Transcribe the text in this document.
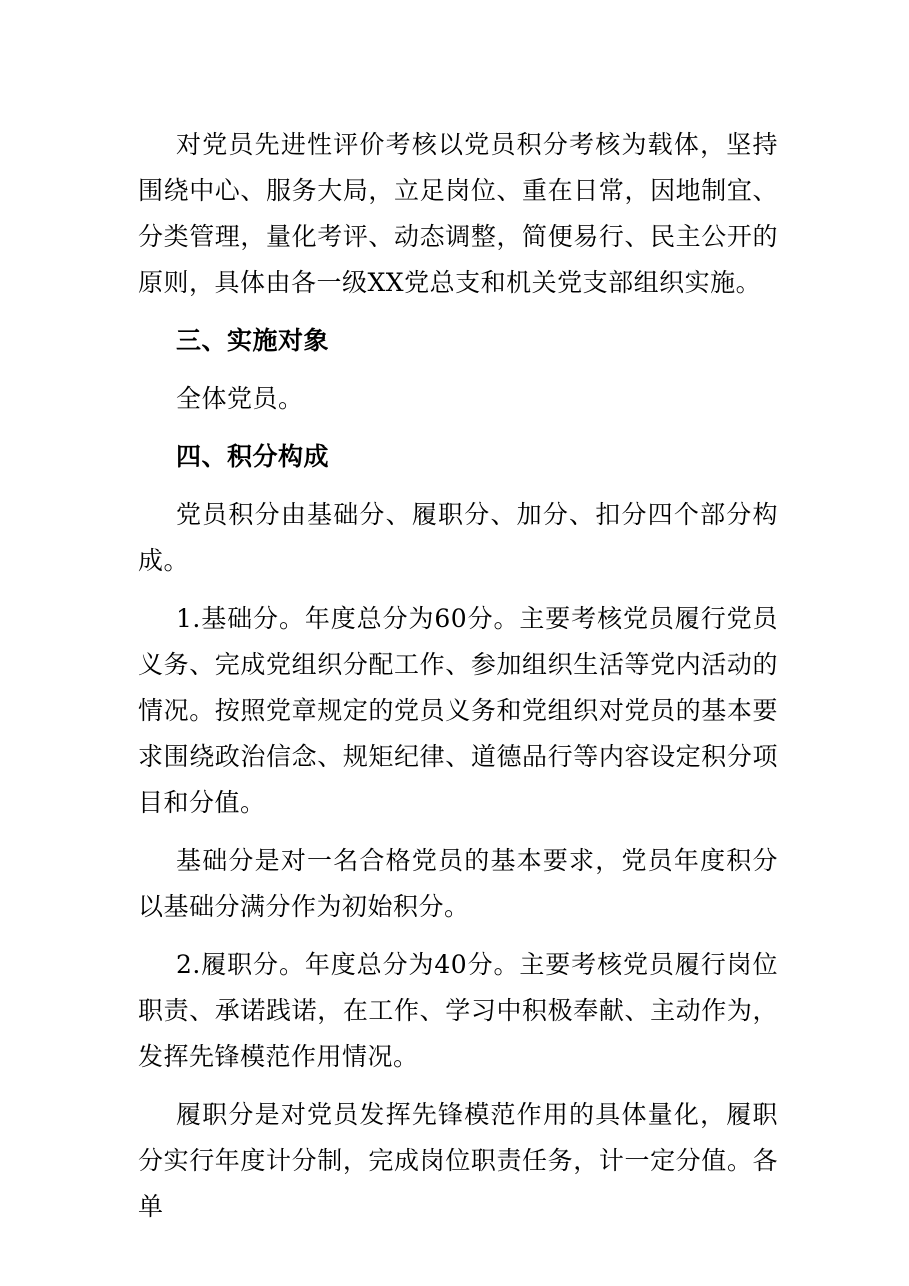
对党员先进性评价考核以党员积分考核为载体，坚持围绕中心、服务大局，立足岗位、重在日常，因地制宜、分类管理，量化考评、动态调整，简便易行、民主公开的原则，具体由各一级XX党总支和机关党支部组织实施。

三、实施对象

全体党员。

四、积分构成

党员积分由基础分、履职分、加分、扣分四个部分构成。

1.基础分。年度总分为60分。主要考核党员履行党员义务、完成党组织分配工作、参加组织生活等党内活动的情况。按照党章规定的党员义务和党组织对党员的基本要求围绕政治信念、规矩纪律、道德品行等内容设定积分项目和分值。

基础分是对一名合格党员的基本要求，党员年度积分以基础分满分作为初始积分。

2.履职分。年度总分为40分。主要考核党员履行岗位职责、承诺践诺，在工作、学习中积极奉献、主动作为，发挥先锋模范作用情况。

履职分是对党员发挥先锋模范作用的具体量化，履职分实行年度计分制，完成岗位职责任务，计一定分值。各单
